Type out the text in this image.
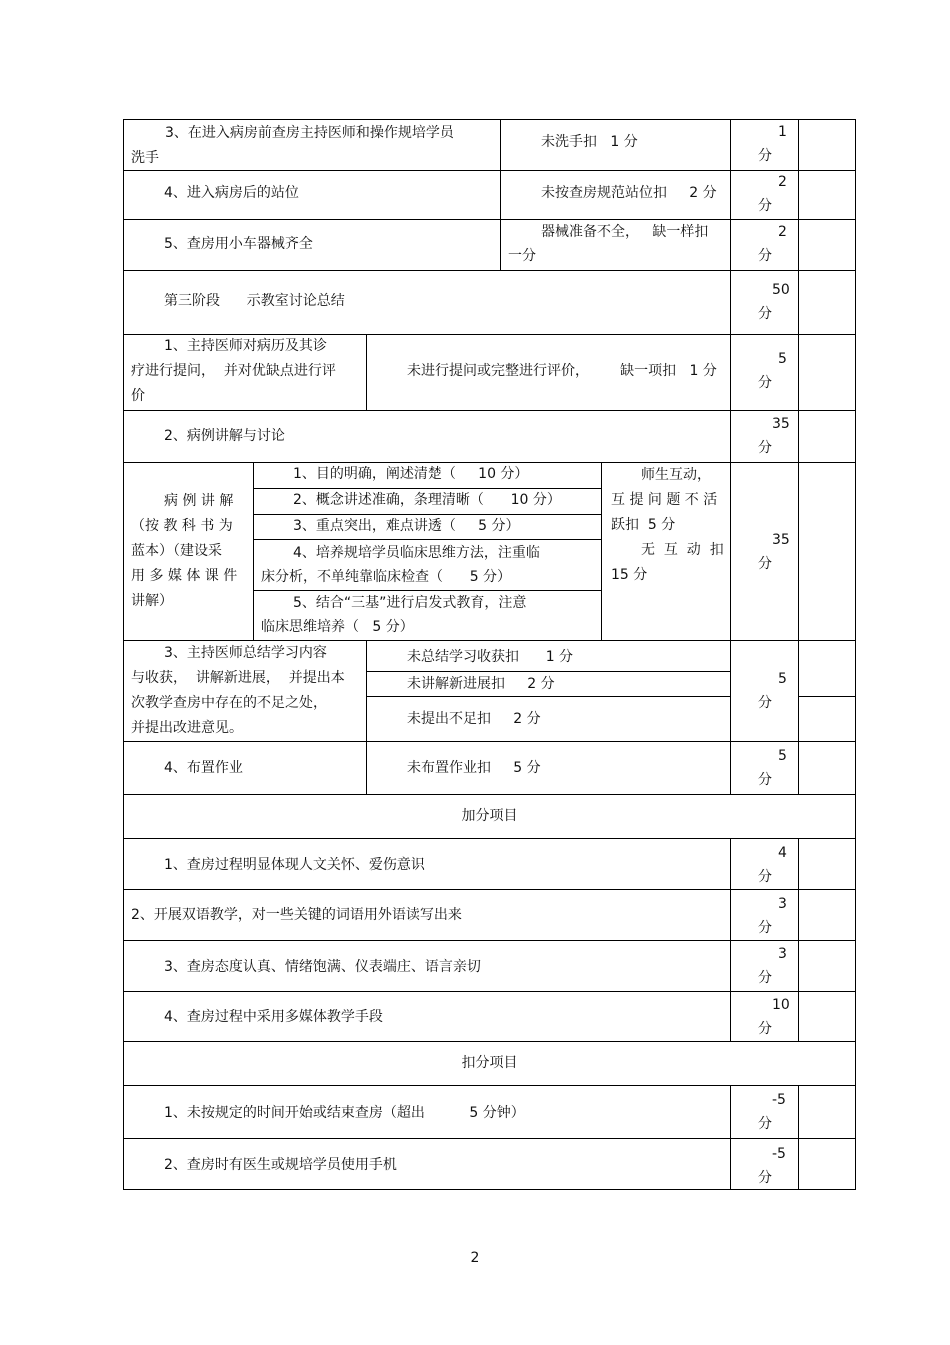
3、在进入病房前查房主持医师和操作规培学员洗手
未洗手扣   1 分
1
分
4、进入病房后的站位	未按查房规范站位扣     2 分
2
分
5、查房用小车器械齐全
器械准备不全，   缺一样扣
一分
2
分
第三阶段      示教室讨论总结
50
分
1、主持医师对病历及其诊
疗进行提问，  并对优缺点进行评
价
未进行提问或完整进行评价，       缺一项扣   1 分
5
分
2、病例讲解与讨论
35
分
病 例 讲 解
（按 教 科 书 为
蓝本）（建设采
用 多 媒 体 课 件
讲解）
1、目的明确，阐述清楚（     10 分）
2、概念讲述准确，条理清晰（      10 分）
3、重点突出，难点讲透（     5 分）
4、培养规培学员临床思维方法，注重临
床分析，不单纯靠临床检查（      5 分）
5、结合“三基”进行启发式教育，注意
临床思维培养（   5 分）
师生互动，
互 提 问 题 不 活
跃扣  5 分
无  互  动  扣
15 分
35
分
3、主持医师总结学习内容
与收获，  讲解新进展，  并提出本
次教学查房中存在的不足之处，
并提出改进意见。
未总结学习收获扣      1 分
未讲解新进展扣     2 分
未提出不足扣     2 分
5
分
4、布置作业	未布置作业扣     5 分
5
分
加分项目
1、查房过程明显体现人文关怀、爱伤意识
4
分
2、开展双语教学，对一些关键的词语用外语读写出来
3
分
3、查房态度认真、情绪饱满、仪表端庄、语言亲切
3
分
4、查房过程中采用多媒体教学手段
10
分
扣分项目
1、未按规定的时间开始或结束查房（超出          5 分钟）
-5
分
2、查房时有医生或规培学员使用手机
-5
分
2
